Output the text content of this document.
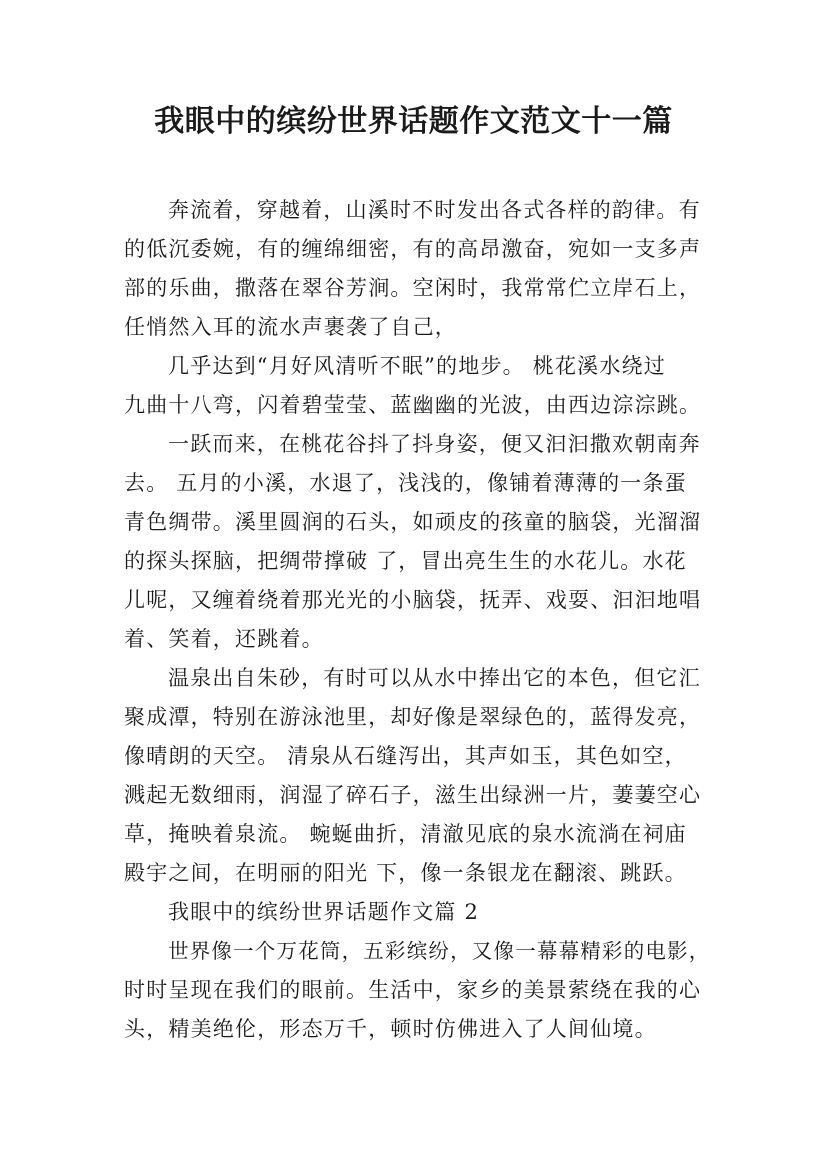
我眼中的缤纷世界话题作文范文十一篇
奔流着，穿越着，山溪时不时发出各式各样的韵律。有
的低沉委婉，有的缠绵细密，有的高昂激奋，宛如一支多声
部的乐曲，撒落在翠谷芳涧。空闲时，我常常伫立岸石上，
任悄然入耳的流水声裹袭了自己，
几乎达到“月好风清听不眠”的地步。 桃花溪水绕过
九曲十八弯，闪着碧莹莹、蓝幽幽的光波，由西边淙淙跳。
一跃而来，在桃花谷抖了抖身姿，便又汩汩撒欢朝南奔
去。 五月的小溪，水退了，浅浅的，像铺着薄薄的一条蛋
青色绸带。溪里圆润的石头，如顽皮的孩童的脑袋，光溜溜
的探头探脑，把绸带撑破 了，冒出亮生生的水花儿。水花
儿呢，又缠着绕着那光光的小脑袋，抚弄、戏耍、汩汩地唱
着、笑着，还跳着。
温泉出自朱砂，有时可以从水中捧出它的本色，但它汇
聚成潭，特别在游泳池里，却好像是翠绿色的，蓝得发亮，
像晴朗的天空。 清泉从石缝泻出，其声如玉，其色如空，
溅起无数细雨，润湿了碎石子，滋生出绿洲一片，萋萋空心
草，掩映着泉流。 蜿蜒曲折，清澈见底的泉水流淌在祠庙
殿宇之间，在明丽的阳光 下，像一条银龙在翻滚、跳跃。
我眼中的缤纷世界话题作文篇 2
世界像一个万花筒，五彩缤纷，又像一幕幕精彩的电影，
时时呈现在我们的眼前。生活中，家乡的美景萦绕在我的心
头，精美绝伦，形态万千，顿时仿佛进入了人间仙境。
